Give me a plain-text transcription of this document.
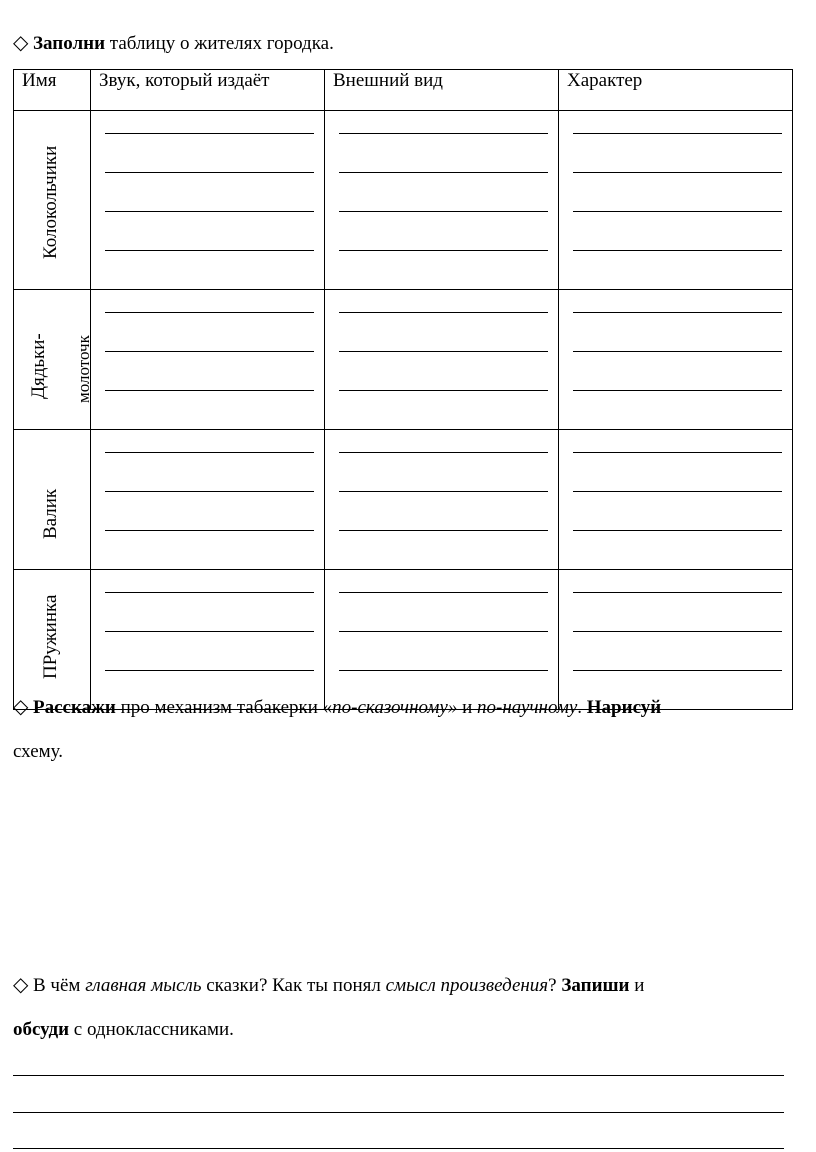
◇ Заполни таблицу о жителях городка.
Имя	Звук, который издаёт	Внешний вид	Характер

Колокольчики			

Дядьки- молоточк			

Валик			

ПРужинка			

◇ Расскажи про механизм табакерки «по-сказочному» и по-научному. Нарисуй
схему.
◇ В чём главная мысль сказки? Как ты понял смысл произведения? Запиши и
обсуди с одноклассниками.
